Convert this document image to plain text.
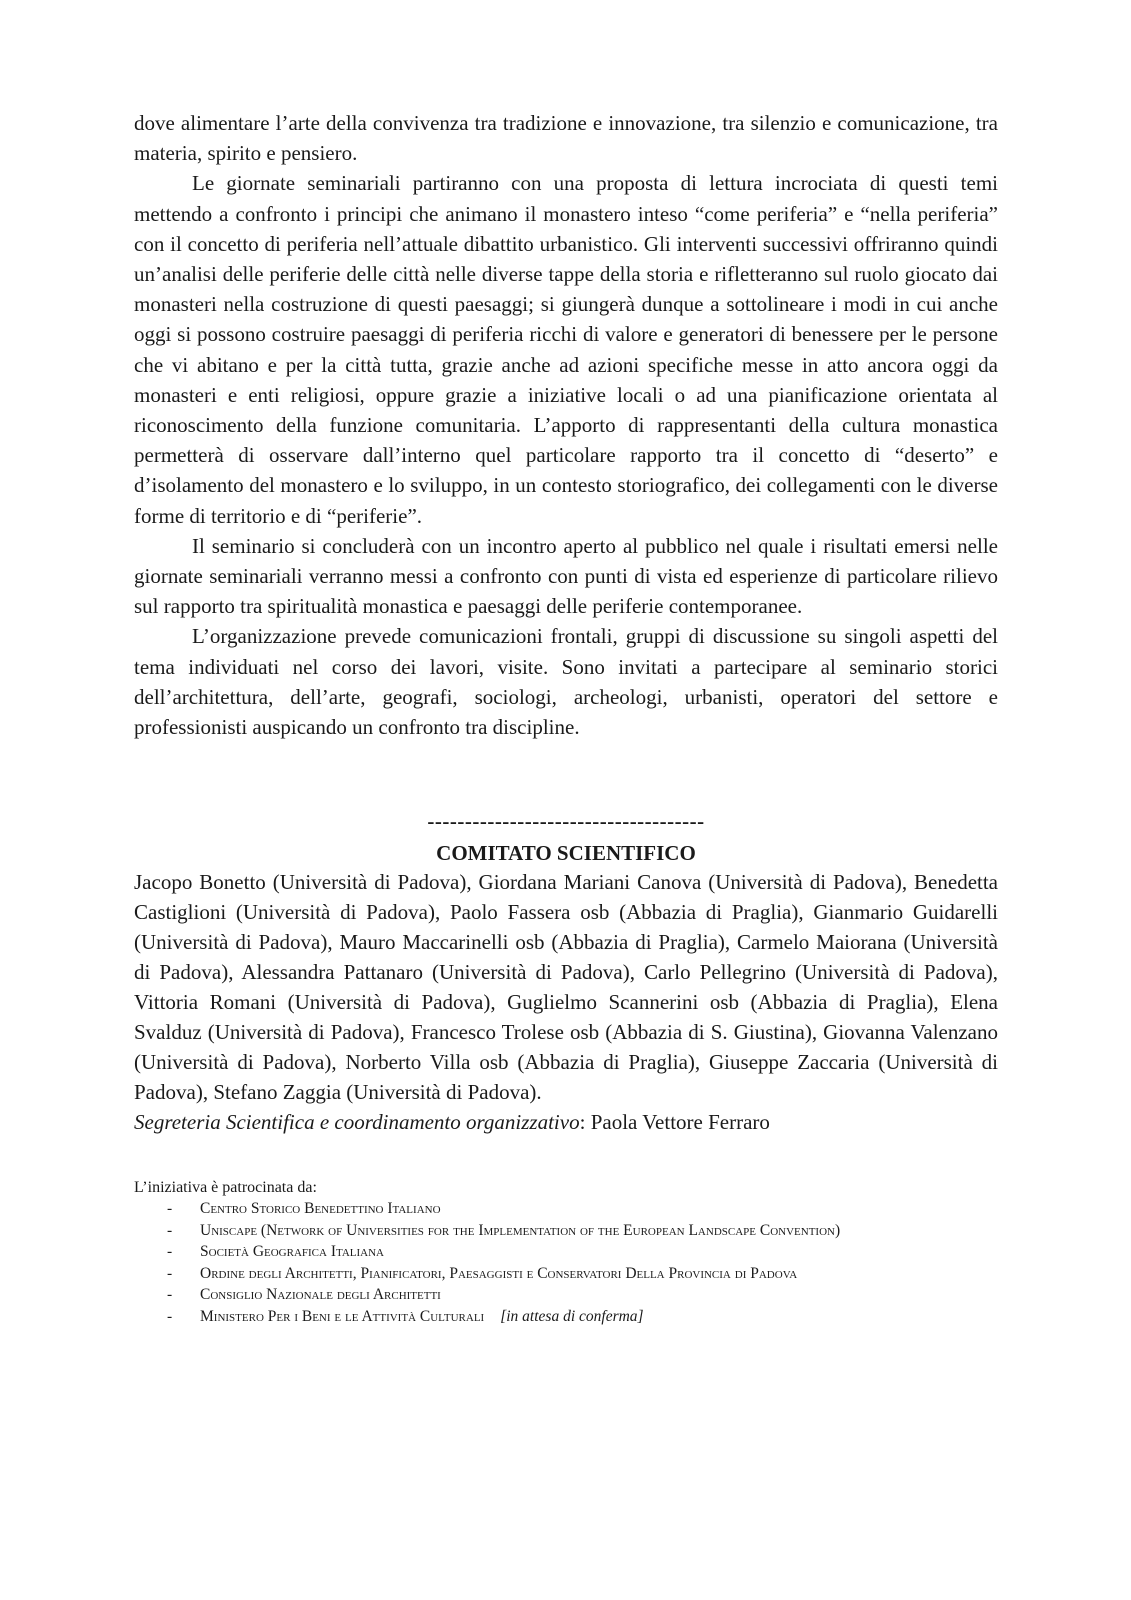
dove alimentare l’arte della convivenza tra tradizione e innovazione, tra silenzio e comunicazione, tra materia, spirito e pensiero.

Le giornate seminariali partiranno con una proposta di lettura incrociata di questi temi mettendo a confronto i principi che animano il monastero inteso “come periferia” e “nella periferia” con il concetto di periferia nell’attuale dibattito urbanistico. Gli interventi successivi offriranno quindi un’analisi delle periferie delle città nelle diverse tappe della storia e rifletteranno sul ruolo giocato dai monasteri nella costruzione di questi paesaggi; si giungerà dunque a sottolineare i modi in cui anche oggi si possono costruire paesaggi di periferia ricchi di valore e generatori di benessere per le persone che vi abitano e per la città tutta, grazie anche ad azioni specifiche messe in atto ancora oggi da monasteri e enti religiosi, oppure grazie a iniziative locali o ad una pianificazione orientata al riconoscimento della funzione comunitaria. L’apporto di rappresentanti della cultura monastica permetterà di osservare dall’interno quel particolare rapporto tra il concetto di “deserto” e d’isolamento del monastero e lo sviluppo, in un contesto storiografico, dei collegamenti con le diverse forme di territorio e di “periferie”.

Il seminario si concluderà con un incontro aperto al pubblico nel quale i risultati emersi nelle giornate seminariali verranno messi a confronto con punti di vista ed esperienze di particolare rilievo sul rapporto tra spiritualità monastica e paesaggi delle periferie contemporanee.

L’organizzazione prevede comunicazioni frontali, gruppi di discussione su singoli aspetti del tema individuati nel corso dei lavori, visite. Sono invitati a partecipare al seminario storici dell’architettura, dell’arte, geografi, sociologi, archeologi, urbanisti, operatori del settore e professionisti auspicando un confronto tra discipline.

-------------------------------------
COMITATO SCIENTIFICO

Jacopo Bonetto (Università di Padova), Giordana Mariani Canova (Università di Padova), Benedetta Castiglioni (Università di Padova), Paolo Fassera osb (Abbazia di Praglia), Gianmario Guidarelli (Università di Padova), Mauro Maccarinelli osb (Abbazia di Praglia), Carmelo Maiorana (Università di Padova), Alessandra Pattanaro (Università di Padova), Carlo Pellegrino (Università di Padova), Vittoria Romani (Università di Padova), Guglielmo Scannerini osb (Abbazia di Praglia), Elena Svalduz (Università di Padova), Francesco Trolese osb (Abbazia di S. Giustina), Giovanna Valenzano (Università di Padova), Norberto Villa osb (Abbazia di Praglia), Giuseppe Zaccaria (Università di Padova), Stefano Zaggia (Università di Padova).

Segreteria Scientifica e coordinamento organizzativo: Paola Vettore Ferraro

L’iniziativa è patrocinata da:
- Centro Storico Benedettino Italiano
- Uniscape (Network of Universities for the Implementation of the European Landscape Convention)
- Società Geografica Italiana
- Ordine degli Architetti, Pianificatori, Paesaggisti e Conservatori Della Provincia di Padova
- Consiglio Nazionale degli Architetti
- Ministero Per i Beni e le Attività Culturali [in attesa di conferma]
